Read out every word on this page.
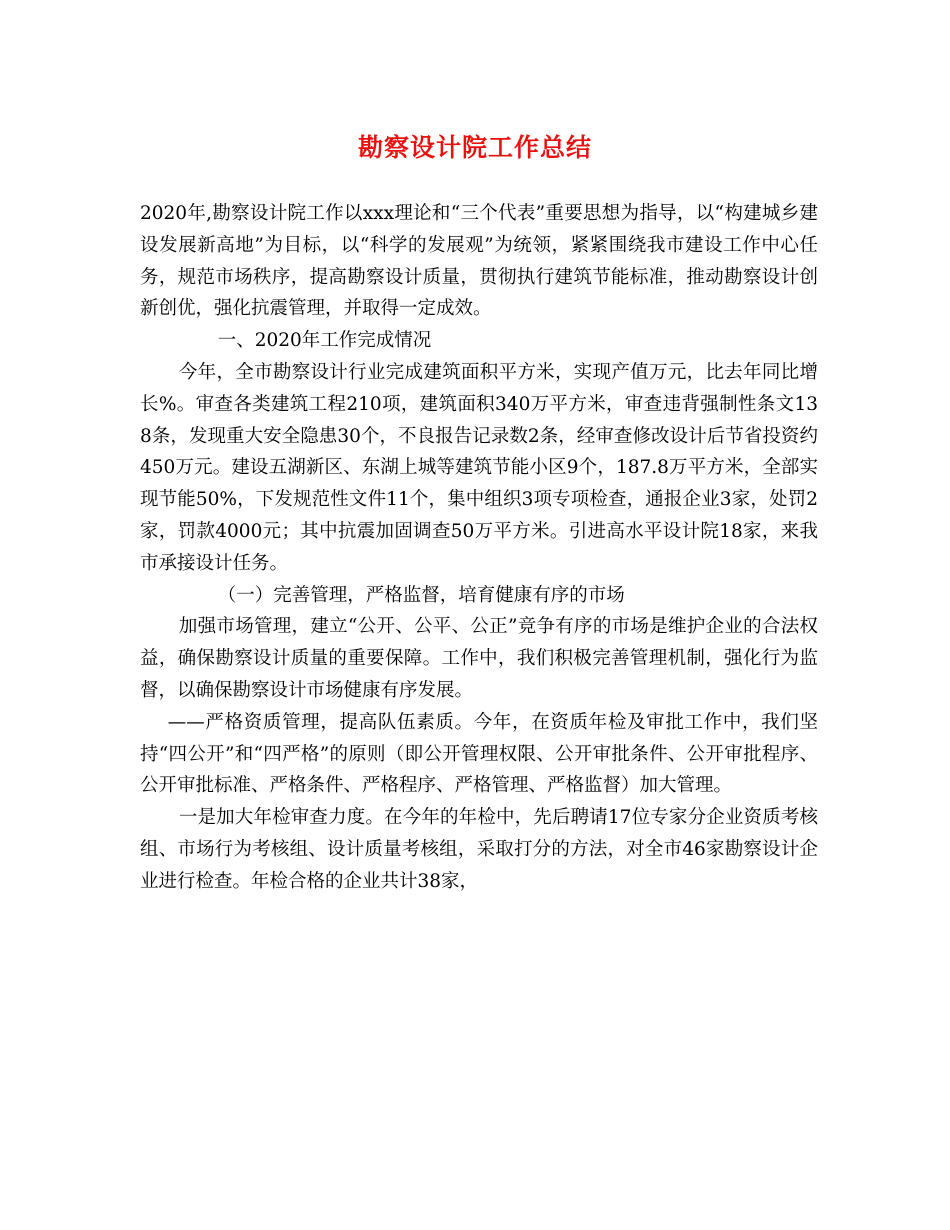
勘察设计院工作总结

2020年,勘察设计院工作以xxx理论和“三个代表”重要思想为指导，以“构建城乡建设发展新高地”为目标，以“科学的发展观”为统领，紧紧围绕我市建设工作中心任务，规范市场秩序，提高勘察设计质量，贯彻执行建筑节能标准，推动勘察设计创新创优，强化抗震管理，并取得一定成效。

一、2020年工作完成情况

今年，全市勘察设计行业完成建筑面积平方米，实现产值万元，比去年同比增长%。审查各类建筑工程210项，建筑面积340万平方米，审查违背强制性条文138条，发现重大安全隐患30个，不良报告记录数2条，经审查修改设计后节省投资约450万元。建设五湖新区、东湖上城等建筑节能小区9个，187.8万平方米，全部实现节能50%，下发规范性文件11个，集中组织3项专项检查，通报企业3家，处罚2家，罚款4000元；其中抗震加固调查50万平方米。引进高水平设计院18家，来我市承接设计任务。

（一）完善管理，严格监督，培育健康有序的市场

加强市场管理，建立“公开、公平、公正”竞争有序的市场是维护企业的合法权益，确保勘察设计质量的重要保障。工作中，我们积极完善管理机制，强化行为监督，以确保勘察设计市场健康有序发展。

——严格资质管理，提高队伍素质。今年，在资质年检及审批工作中，我们坚持“四公开”和“四严格”的原则（即公开管理权限、公开审批条件、公开审批程序、公开审批标准、严格条件、严格程序、严格管理、严格监督）加大管理。

一是加大年检审查力度。在今年的年检中，先后聘请17位专家分企业资质考核组、市场行为考核组、设计质量考核组，采取打分的方法，对全市46家勘察设计企业进行检查。年检合格的企业共计38家，
